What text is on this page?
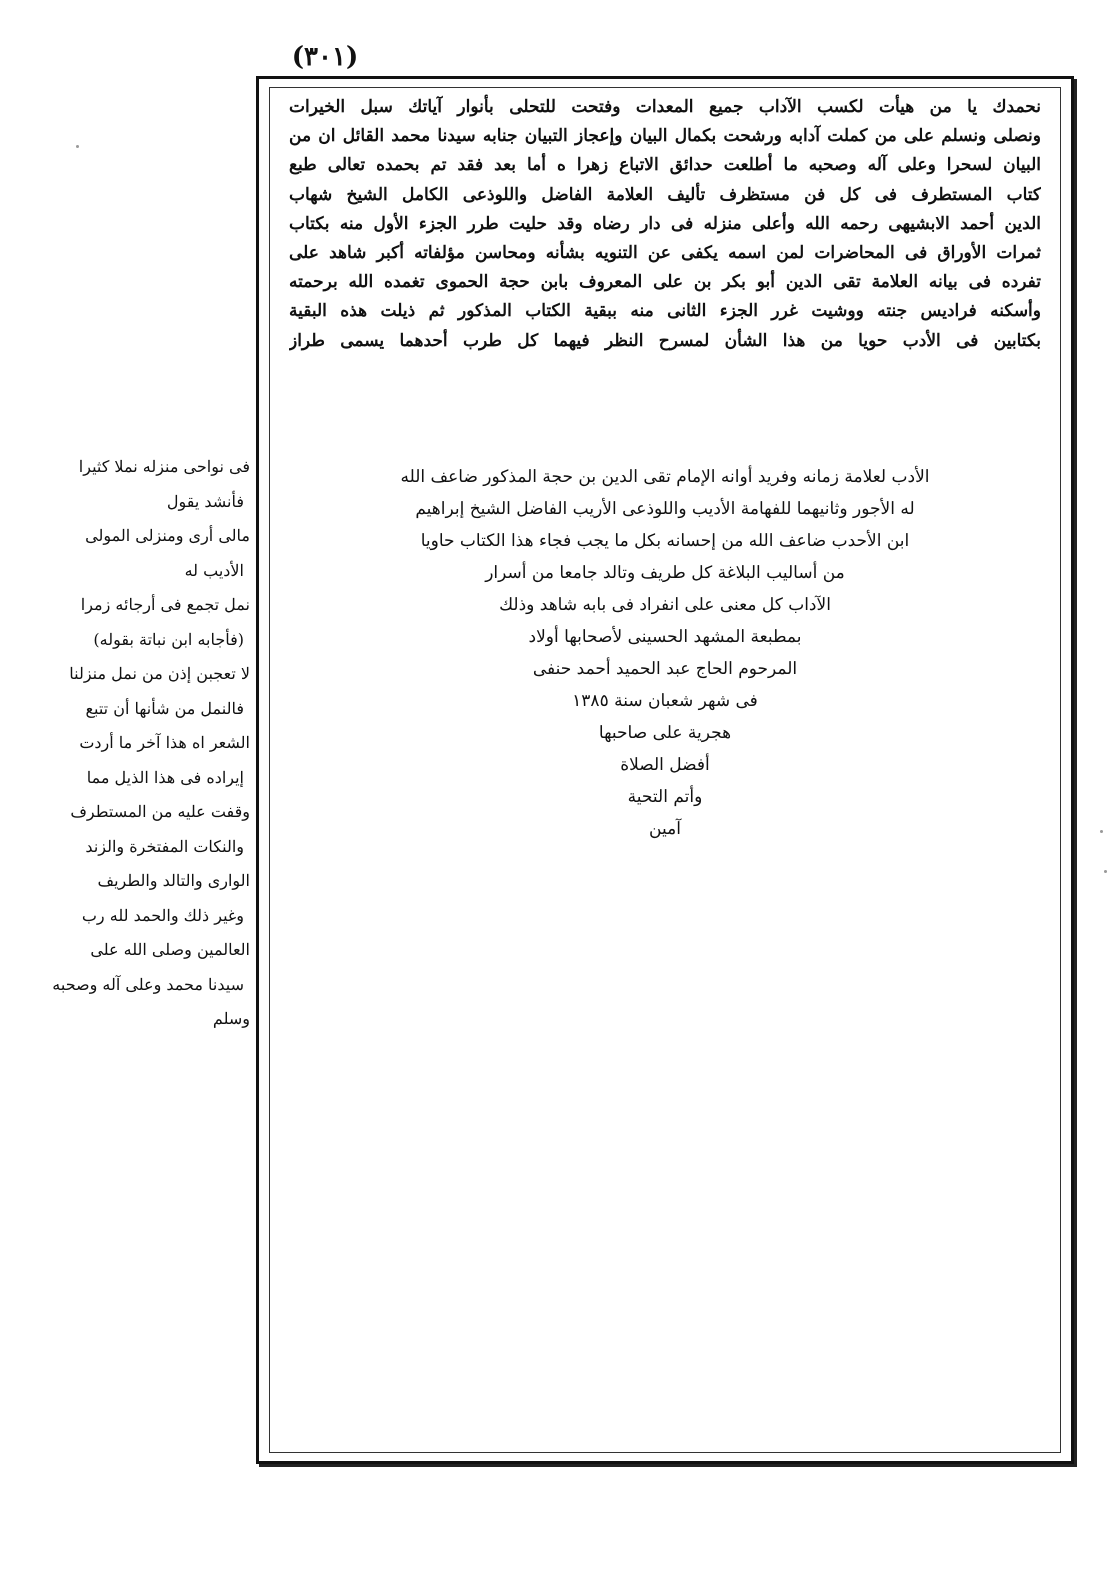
(٣٠١)
نحمدك يا من هيأت لكسب الآداب جميع المعدات وفتحت للتحلى بأنوار آياتك سبل الخيرات
ونصلى ونسلم على من كملت آدابه ورشحت بكمال البيان وإعجاز التبيان جنابه سيدنا محمد القائل ان من
البيان لسحرا وعلى آله وصحبه ما أطلعت حدائق الاتباع زهرا ه أما بعد فقد تم بحمده تعالى طبع
كتاب المستطرف فى كل فن مستظرف تأليف العلامة الفاضل واللوذعى الكامل الشيخ شهاب
الدين أحمد الابشيهى رحمه الله وأعلى منزله فى دار رضاه وقد حليت طرر الجزء الأول منه بكتاب
ثمرات الأوراق فى المحاضرات لمن اسمه يكفى عن التنويه بشأنه ومحاسن مؤلفاته أكبر شاهد على
تفرده فى بيانه العلامة تقى الدين أبو بكر بن على المعروف بابن حجة الحموى تغمده الله برحمته
وأسكنه فراديس جنته ووشيت غرر الجزء الثانى منه ببقية الكتاب المذكور ثم ذيلت هذه البقية
بكتابين فى الأدب حويا من هذا الشأن لمسرح النظر فيهما كل طرب أحدهما يسمى طراز
الأدب لعلامة زمانه وفريد أوانه الإمام تقى الدين بن حجة المذكور ضاعف الله
له الأجور وثانيهما للفهامة الأديب واللوذعى الأريب الفاضل الشيخ إبراهيم
ابن الأحدب ضاعف الله من إحسانه بكل ما يجب فجاء هذا الكتاب حاويا
من أساليب البلاغة كل طريف وتالد جامعا من أسرار
الآداب كل معنى على انفراد فى بابه شاهد وذلك
بمطبعة المشهد الحسينى لأصحابها أولاد
المرحوم الحاج عبد الحميد أحمد حنفى
فى شهر شعبان سنة ١٣٨٥
هجرية على صاحبها
أفضل الصلاة
وأتم التحية
آمين
فى نواحى منزله نملا كثيرا
فأنشد يقول
مالى أرى ومنزلى المولى
الأديب له
نمل تجمع فى أرجائه زمرا
(فأجابه ابن نباتة بقوله)
لا تعجبن إذن من نمل منزلنا
فالنمل من شأنها أن تتبع
الشعر اه هذا آخر ما أردت
إيراده فى هذا الذيل مما
وقفت عليه من المستطرف
والنكات المفتخرة والزند
الوارى والتالد والطريف
وغير ذلك والحمد لله رب
العالمين وصلى الله على
سيدنا محمد وعلى آله وصحبه
وسلم
